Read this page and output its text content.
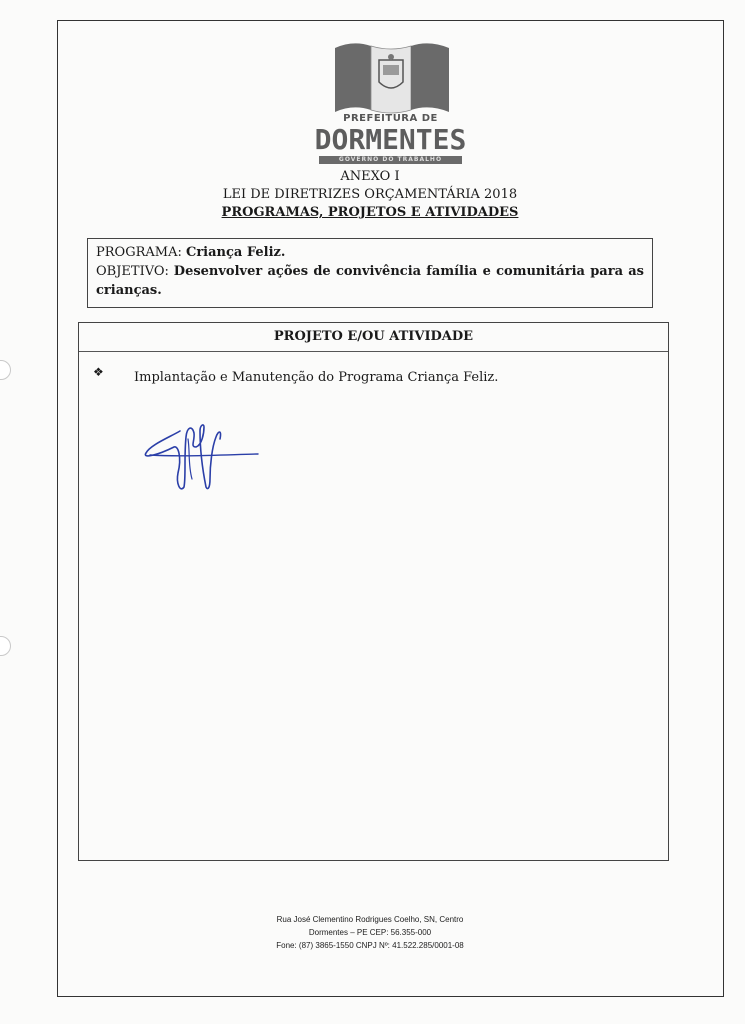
PREFEITURA DE
DORMENTES
GOVERNO DO TRABALHO
ANEXO I
LEI DE DIRETRIZES ORÇAMENTÁRIA 2018
PROGRAMAS, PROJETOS E ATIVIDADES
PROGRAMA: Criança Feliz.
OBJETIVO: Desenvolver ações de convivência família e comunitária para as crianças.
PROJETO E/OU ATIVIDADE
❖ Implantação e Manutenção do Programa Criança Feliz.
Rua José Clementino Rodrigues Coelho, SN, Centro
Dormentes – PE CEP: 56.355-000
Fone: (87) 3865-1550 CNPJ Nº: 41.522.285/0001-08
